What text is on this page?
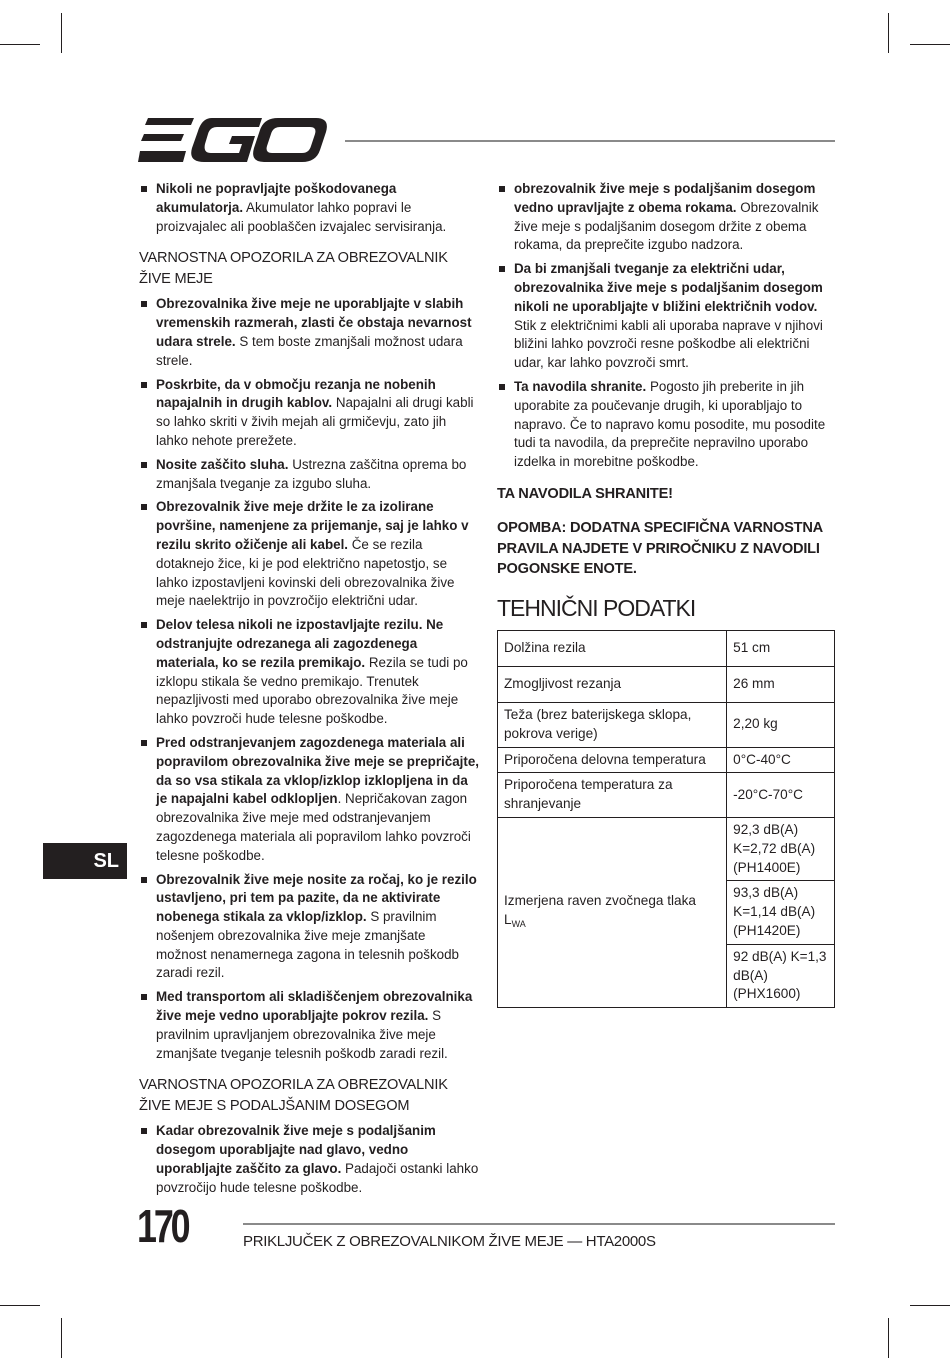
Nikoli ne popravljajte poškodovanega akumulatorja. Akumulator lahko popravi le proizvajalec ali pooblaščen izvajalec servisiranja.
VARNOSTNA OPOZORILA ZA OBREZOVALNIK ŽIVE MEJE
Obrezovalnika žive meje ne uporabljajte v slabih vremenskih razmerah, zlasti če obstaja nevarnost udara strele. S tem boste zmanjšali možnost udara strele.
Poskrbite, da v območju rezanja ne nobenih napajalnih in drugih kablov. Napajalni ali drugi kabli so lahko skriti v živih mejah ali grmičevju, zato jih lahko nehote prerežete.
Nosite zaščito sluha. Ustrezna zaščitna oprema bo zmanjšala tveganje za izgubo sluha.
Obrezovalnik žive meje držite le za izolirane površine, namenjene za prijemanje, saj je lahko v rezilu skrito ožičenje ali kabel. Če se rezila dotaknejo žice, ki je pod električno napetostjo, se lahko izpostavljeni kovinski deli obrezovalnika žive meje naelektrijo in povzročijo električni udar.
Delov telesa nikoli ne izpostavljajte rezilu. Ne odstranjujte odrezanega ali zagozdenega materiala, ko se rezila premikajo. Rezila se tudi po izklopu stikala še vedno premikajo. Trenutek nepazljivosti med uporabo obrezovalnika žive meje lahko povzroči hude telesne poškodbe.
Pred odstranjevanjem zagozdenega materiala ali popravilom obrezovalnika žive meje se prepričajte, da so vsa stikala za vklop/izklop izklopljena in da je napajalni kabel odklopljen. Nepričakovan zagon obrezovalnika žive meje med odstranjevanjem zagozdenega materiala ali popravilom lahko povzroči telesne poškodbe.
Obrezovalnik žive meje nosite za ročaj, ko je rezilo ustavljeno, pri tem pa pazite, da ne aktivirate nobenega stikala za vklop/izklop. S pravilnim nošenjem obrezovalnika žive meje zmanjšate možnost nenamernega zagona in telesnih poškodb zaradi rezil.
Med transportom ali skladiščenjem obrezovalnika žive meje vedno uporabljajte pokrov rezila. S pravilnim upravljanjem obrezovalnika žive meje zmanjšate tveganje telesnih poškodb zaradi rezil.
VARNOSTNA OPOZORILA ZA OBREZOVALNIK ŽIVE MEJE S PODALJŠANIM DOSEGOM
Kadar obrezovalnik žive meje s podaljšanim dosegom uporabljajte nad glavo, vedno uporabljajte zaščito za glavo. Padajoči ostanki lahko povzročijo hude telesne poškodbe.
obrezovalnik žive meje s podaljšanim dosegom vedno upravljajte z obema rokama. Obrezovalnik žive meje s podaljšanim dosegom držite z obema rokama, da preprečite izgubo nadzora.
Da bi zmanjšali tveganje za električni udar, obrezovalnika žive meje s podaljšanim dosegom nikoli ne uporabljajte v bližini električnih vodov. Stik z električnimi kabli ali uporaba naprave v njihovi bližini lahko povzroči resne poškodbe ali električni udar, kar lahko povzroči smrt.
Ta navodila shranite. Pogosto jih preberite in jih uporabite za poučevanje drugih, ki uporabljajo to napravo. Če to napravo komu posodite, mu posodite tudi ta navodila, da preprečite nepravilno uporabo izdelka in morebitne poškodbe.
TA NAVODILA SHRANITE!
OPOMBA: DODATNA SPECIFIČNA VARNOSTNA PRAVILA NAJDETE V PRIROČNIKU Z NAVODILI POGONSKE ENOTE.
TEHNIČNI PODATKI
Dolžina rezila	51 cm
Zmogljivost rezanja	26 mm
Teža (brez baterijskega sklopa, pokrova verige)	2,20 kg
Priporočena delovna temperatura	0°C-40°C
Priporočena temperatura za shranjevanje	-20°C-70°C
Izmerjena raven zvočnega tlaka $L_{WA}$	92,3 dB(A) K=2,72 dB(A) (PH1400E)
	93,3 dB(A) K=1,14 dB(A) (PH1420E)
	92 dB(A) K=1,3 dB(A) (PHX1600)
SL
170	PRIKLJUČEK Z OBREZOVALNIKOM ŽIVE MEJE — HTA2000S
